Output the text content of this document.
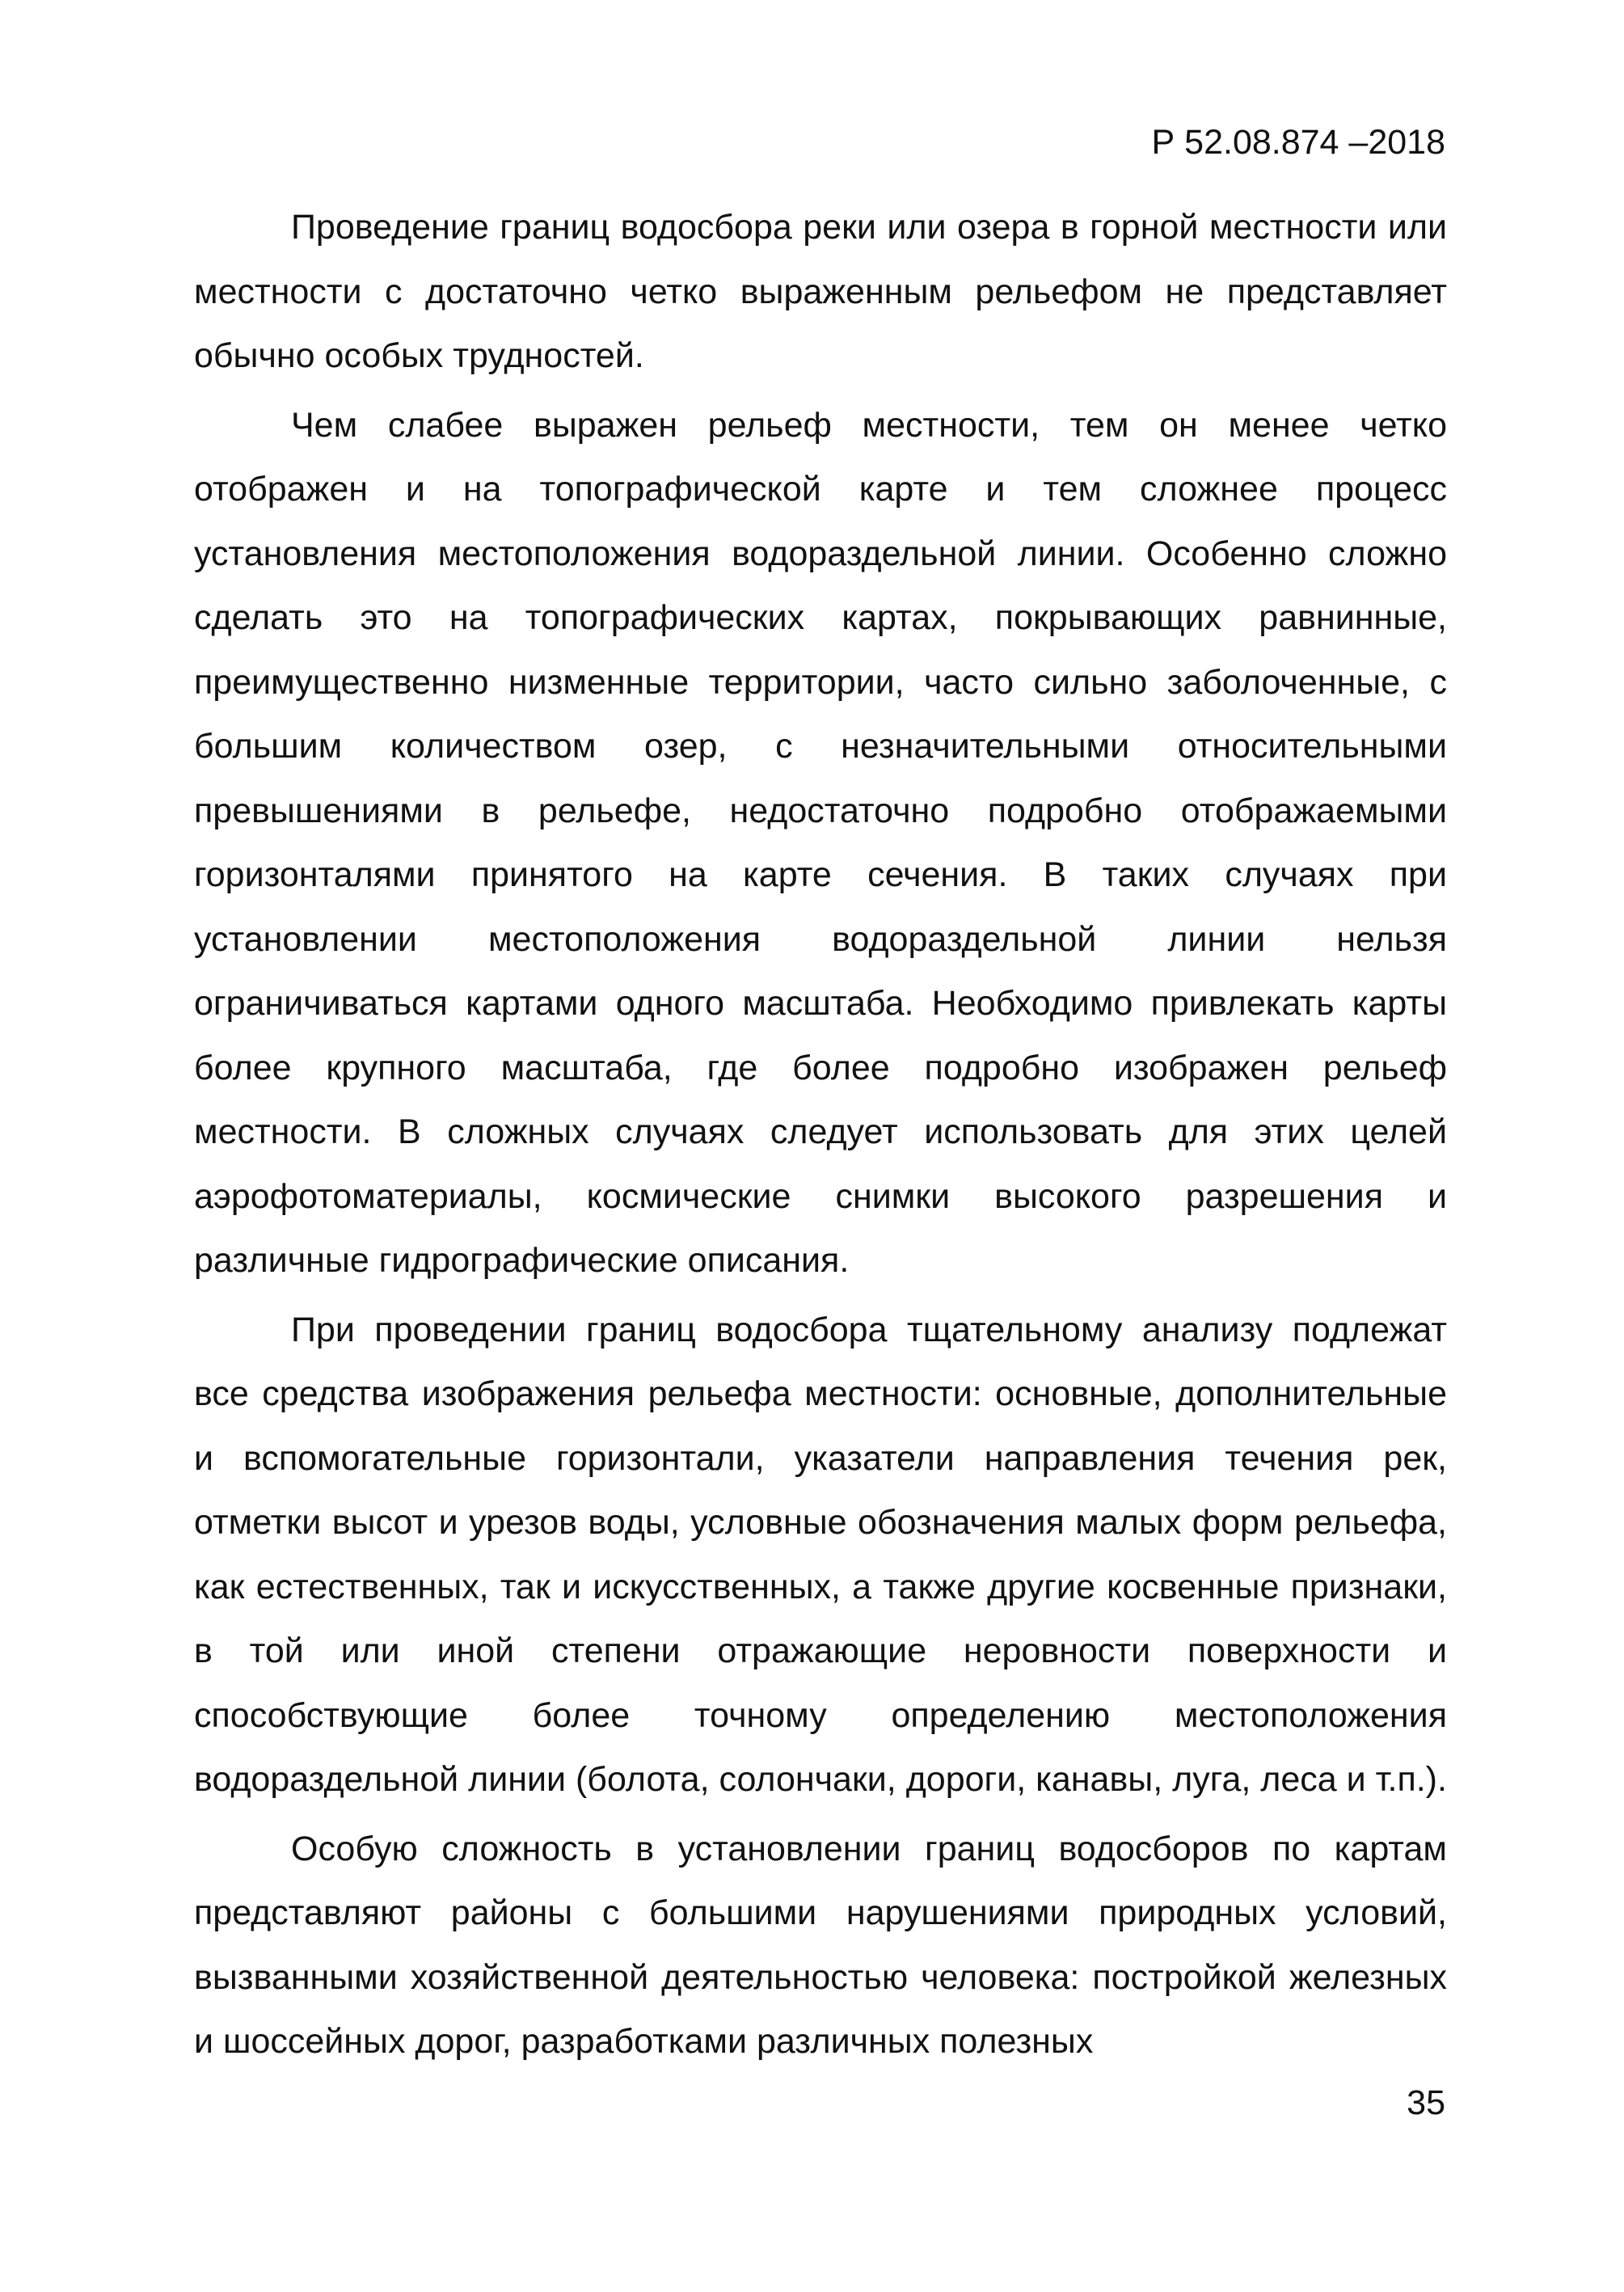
Р 52.08.874 –2018

Проведение границ водосбора реки или озера в горной местности или местности с достаточно четко выраженным рельефом не представляет обычно особых трудностей.

Чем слабее выражен рельеф местности, тем он менее четко отображен и на топографической карте и тем сложнее процесс установления местоположения водораздельной линии. Особенно сложно сделать это на топографических картах, покрывающих равнинные, преимущественно низменные территории, часто сильно заболоченные, с большим количеством озер, с незначительными относительными превышениями в рельефе, недостаточно подробно отображаемыми горизонталями принятого на карте сечения. В таких случаях при установлении местоположения водораздельной линии нельзя ограничиваться картами одного масштаба. Необходимо привлекать карты более крупного масштаба, где более подробно изображен рельеф местности. В сложных случаях следует использовать для этих целей аэрофотоматериалы, космические снимки высокого разрешения и различные гидрографические описания.

При проведении границ водосбора тщательному анализу подлежат все средства изображения рельефа местности: основные, дополнительные и вспомогательные горизонтали, указатели направления течения рек, отметки высот и урезов воды, условные обозначения малых форм рельефа, как естественных, так и искусственных, а также другие косвенные признаки, в той или иной степени отражающие неровности поверхности и способствующие более точному определению местоположения водораздельной линии (болота, солончаки, дороги, канавы, луга, леса и т.п.).

Особую сложность в установлении границ водосборов по картам представляют районы с большими нарушениями природных условий, вызванными хозяйственной деятельностью человека: постройкой железных и шоссейных дорог, разработками различных полезных

35
